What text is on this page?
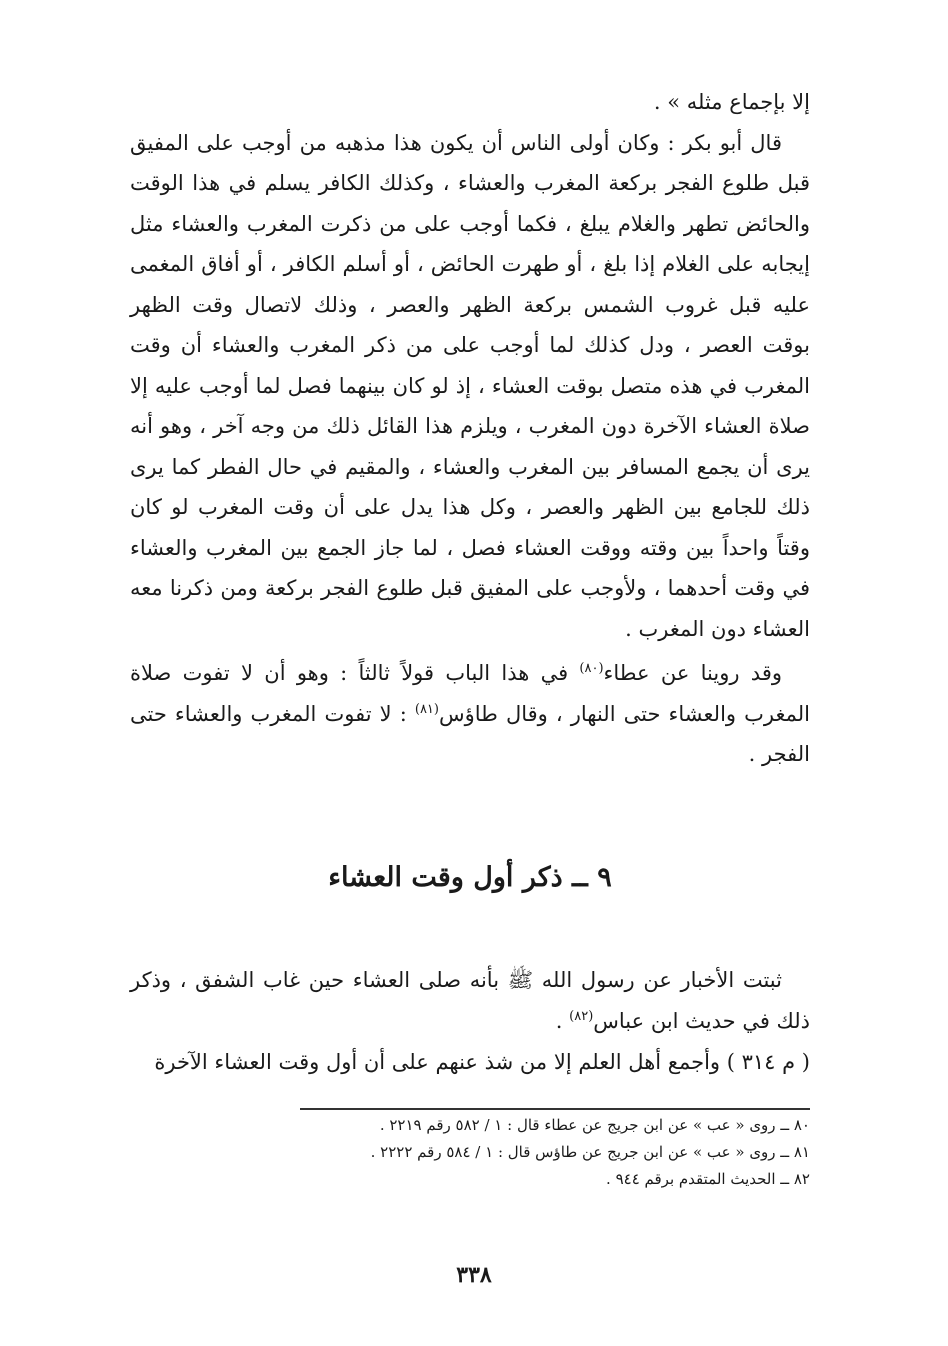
إلا بإجماع مثله » .

قال أبو بكر : وكان أولى الناس أن يكون هذا مذهبه من أوجب على المفيق قبل طلوع الفجر بركعة المغرب والعشاء ، وكذلك الكافر يسلم في هذا الوقت والحائض تطهر والغلام يبلغ ، فكما أوجب على من ذكرت المغرب والعشاء مثل إيجابه على الغلام إذا بلغ ، أو طهرت الحائض ، أو أسلم الكافر ، أو أفاق المغمى عليه قبل غروب الشمس بركعة الظهر والعصر ، وذلك لاتصال وقت الظهر بوقت العصر ، ودل كذلك لما أوجب على من ذكر المغرب والعشاء أن وقت المغرب في هذه متصل بوقت العشاء ، إذ لو كان بينهما فصل لما أوجب عليه إلا صلاة العشاء الآخرة دون المغرب ، ويلزم هذا القائل ذلك من وجه آخر ، وهو أنه يرى أن يجمع المسافر بين المغرب والعشاء ، والمقيم في حال الفطر كما يرى ذلك للجامع بين الظهر والعصر ، وكل هذا يدل على أن وقت المغرب لو كان وقتاً واحداً بين وقته ووقت العشاء فصل ، لما جاز الجمع بين المغرب والعشاء في وقت أحدهما ، ولأوجب على المفيق قبل طلوع الفجر بركعة ومن ذكرنا معه العشاء دون المغرب .

وقد روينا عن عطاء$^{(٨٠)}$ في هذا الباب قولاً ثالثاً : وهو أن لا تفوت صلاة المغرب والعشاء حتى النهار ، وقال طاؤس$^{(٨١)}$ : لا تفوت المغرب والعشاء حتى الفجر .

٩ ــ ذكر أول وقت العشاء

ثبتت الأخبار عن رسول الله ﷺ بأنه صلى العشاء حين غاب الشفق ، وذكر ذلك في حديث ابن عباس$^{(٨٢)}$ .

( م ٣١٤ ) وأجمع أهل العلم إلا من شذ عنهم على أن أول وقت العشاء الآخرة

٨٠ ــ روى « عب » عن ابن جريج عن عطاء قال : ١ / ٥٨٢ رقم ٢٢١٩ .

٨١ ــ روى « عب » عن ابن جريج عن طاؤس قال : ١ / ٥٨٤ رقم ٢٢٢٢ .

٨٢ ــ الحديث المتقدم برقم ٩٤٤ .

٣٣٨
